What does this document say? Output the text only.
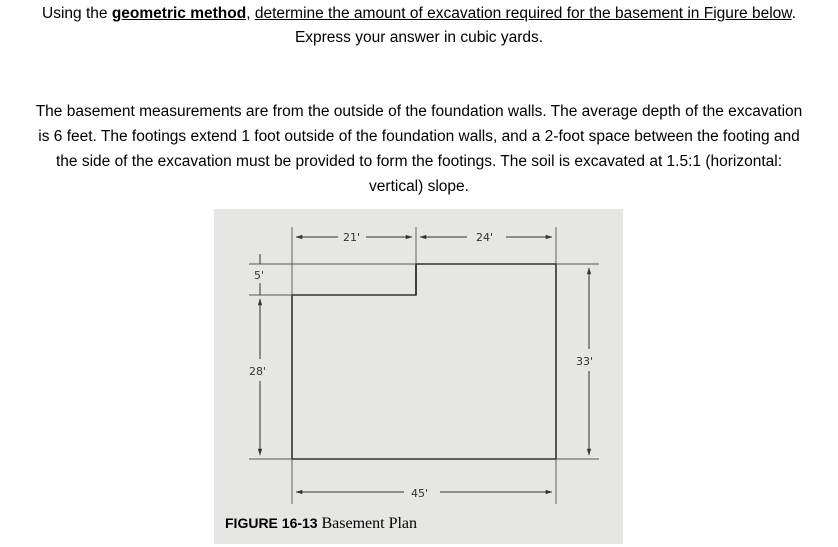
Using the geometric method, determine the amount of excavation required for the basement in Figure below.
Express your answer in cubic yards.
The basement measurements are from the outside of the foundation walls. The average depth of the excavation
is 6 feet. The footings extend 1 foot outside of the foundation walls, and a 2-foot space between the footing and
the side of the excavation must be provided to form the footings. The soil is excavated at 1.5:1 (horizontal:
vertical) slope.
21'	24'
5'
28'
33'
45'
FIGURE 16-13 Basement Plan
